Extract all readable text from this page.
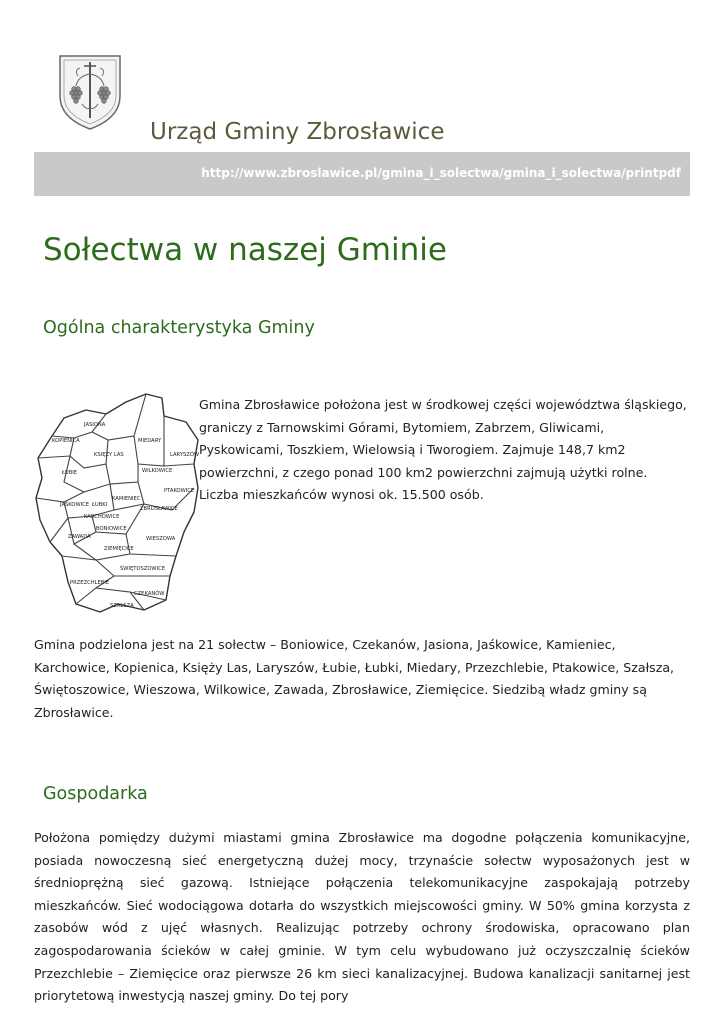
Urząd Gminy Zbrosławice
http://www.zbroslawice.pl/gmina_i_solectwa/gmina_i_solectwa/printpdf
Sołectwa w naszej Gminie
Ogólna charakterystyka Gminy
JASIONA
KOPIENICA	MIEDARY
KSIĘŻY LAS	LARYSZÓW
ŁUBIE	WILKOWICE
PTAKOWICE
KAMIENIEC
JAŚKOWICE ŁUBKI
ZBROSŁAWICE
KARCHOWICE
BONIOWICE
ZAWADA	WIESZOWA
ZIEMIĘCICE
ŚWIĘTOSZOWICE
PRZEZCHLEBIE
CZEKANÓW
SZAŁSZA

Gmina Zbrosławice położona jest w środkowej części województwa śląskiego, graniczy z Tarnowskimi Górami, Bytomiem, Zabrzem, Gliwicami, Pyskowicami, Toszkiem, Wielowsią i Tworogiem. Zajmuje 148,7 km2 powierzchni, z czego ponad 100 km2 powierzchni zajmują użytki rolne. Liczba mieszkańców wynosi ok. 15.500 osób.

Gmina podzielona jest na 21 sołectw – Boniowice, Czekanów, Jasiona, Jaśkowice, Kamieniec, Karchowice, Kopienica, Księży Las, Laryszów, Łubie, Łubki, Miedary, Przezchlebie, Ptakowice, Szałsza, Świętoszowice, Wieszowa, Wilkowice, Zawada, Zbrosławice, Ziemięcice. Siedzibą władz gminy są Zbrosławice.

Gospodarka

Położona pomiędzy dużymi miastami gmina Zbrosławice ma dogodne połączenia komunikacyjne, posiada nowoczesną sieć energetyczną dużej mocy, trzynaście sołectw wyposażonych jest w średnioprężną sieć gazową. Istniejące połączenia telekomunikacyjne zaspokajają potrzeby mieszkańców. Sieć wodociągowa dotarła do wszystkich miejscowości gminy. W 50% gmina korzysta z zasobów wód z ujęć własnych. Realizując potrzeby ochrony środowiska, opracowano plan zagospodarowania ścieków w całej gminie. W tym celu wybudowano już oczyszczalnię ścieków Przezchlebie – Ziemięcice oraz pierwsze 26 km sieci kanalizacyjnej. Budowa kanalizacji sanitarnej jest priorytetową inwestycją naszej gminy. Do tej pory
